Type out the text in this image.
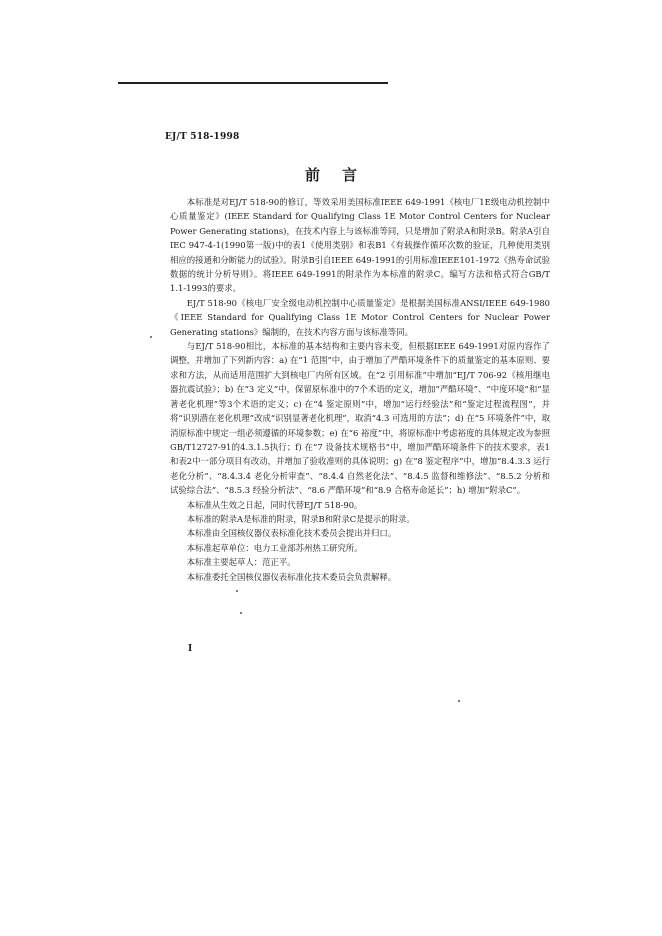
EJ/T 518-1998
前言

本标准是对EJ/T 518-90的修订，等效采用美国标准IEEE 649-1991《核电厂1E级电动机控制中心质量鉴定》(IEEE Standard for Qualifying Class 1E Motor Control Centers for Nuclear Power Generating stations)，在技术内容上与该标准等同，只是增加了附录A和附录B。附录A引自IEC 947-4-1(1990第一版)中的表1《使用类别》和表B1《有载操作循环次数的验证，几种使用类别相应的接通和分断能力的试验》。附录B引自IEEE 649-1991的引用标准IEEE101-1972《热寿命试验数据的统计分析导则》。将IEEE 649-1991的附录作为本标准的附录C。编写方法和格式符合GB/T 1.1-1993的要求。

EJ/T 518-90《核电厂安全级电动机控制中心质量鉴定》是根据美国标准ANSI/IEEE 649-1980《IEEE Standard for Qualifying Class 1E Motor Control Centers for Nuclear Power Generating stations》编制的，在技术内容方面与该标准等同。

与EJ/T 518-90相比，本标准的基本结构和主要内容未变，但根据IEEE 649-1991对原内容作了调整，并增加了下列新内容：a) 在“1 范围”中，由于增加了严酷环境条件下的质量鉴定的基本原则、要求和方法，从而适用范围扩大到核电厂内所有区域。在“2 引用标准”中增加“EJ/T 706-92《核用继电器抗震试验》；b) 在“3 定义”中，保留原标准中的7个术语的定义，增加“严酷环境”、“中度环境”和“显著老化机理”等3个术语的定义；c) 在“4 鉴定原则”中，增加“运行经验法”和“鉴定过程流程图”，并将“识别潜在老化机理”改成“识别显著老化机理”，取消“4.3 可选用的方法”；d) 在“5 环境条件”中，取消原标准中规定一组必须遵循的环境参数；e) 在“6 裕度”中，将原标准中考虑裕度的具体规定改为参照GB/T12727-91的4.3.1.5执行；f) 在“7 设备技术规格书”中，增加严酷环境条件下的技术要求，表1和表2中一部分项目有改动，并增加了验收准则的具体说明；g) 在“8 鉴定程序”中，增加“8.4.3.3 运行老化分析”、“8.4.3.4 老化分析审查”、“8.4.4 自然老化法”、“8.4.5 监督和维修法”、“8.5.2 分析和试验综合法”、“8.5.3 经验分析法”、“8.6 严酷环境”和“8.9 合格寿命延长”；h) 增加“附录C”。

本标准从生效之日起，同时代替EJ/T 518-90。

本标准的附录A是标准的附录，附录B和附录C是提示的附录。

本标准由全国核仪器仪表标准化技术委员会提出并归口。

本标准起草单位：电力工业部苏州热工研究所。

本标准主要起草人：范正平。

本标准委托全国核仪器仪表标准化技术委员会负责解释。

I
